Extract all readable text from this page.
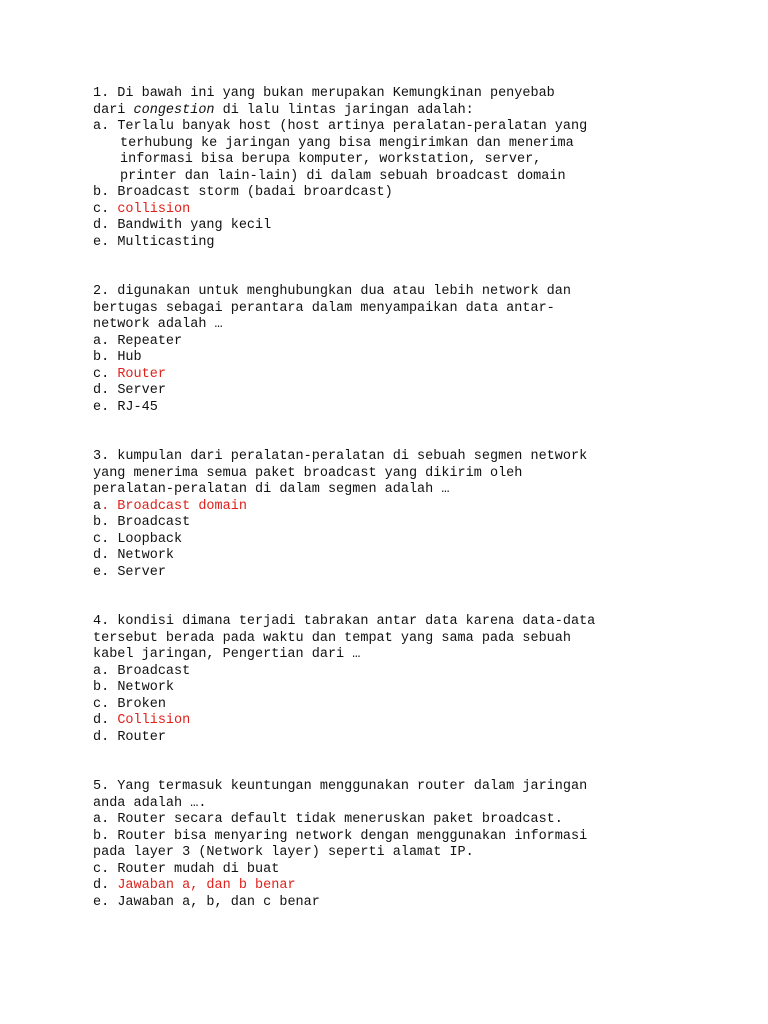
1. Di bawah ini yang bukan merupakan Kemungkinan penyebab
dari congestion di lalu lintas jaringan adalah:
a. Terlalu banyak host (host artinya peralatan-peralatan yang
terhubung ke jaringan yang bisa mengirimkan dan menerima
informasi bisa berupa komputer, workstation, server,
printer dan lain-lain) di dalam sebuah broadcast domain
b. Broadcast storm (badai broardcast)
c. collision
d. Bandwith yang kecil
e. Multicasting
2. digunakan untuk menghubungkan dua atau lebih network dan
bertugas sebagai perantara dalam menyampaikan data antar-
network adalah …
a. Repeater
b. Hub
c. Router
d. Server
e. RJ-45
3. kumpulan dari peralatan-peralatan di sebuah segmen network
yang menerima semua paket broadcast yang dikirim oleh
peralatan-peralatan di dalam segmen adalah …
a. Broadcast domain
b. Broadcast
c. Loopback
d. Network
e. Server
4. kondisi dimana terjadi tabrakan antar data karena data-data
tersebut berada pada waktu dan tempat yang sama pada sebuah
kabel jaringan, Pengertian dari …
a. Broadcast
b. Network
c. Broken
d. Collision
d. Router
5. Yang termasuk keuntungan menggunakan router dalam jaringan
anda adalah ….
a. Router secara default tidak meneruskan paket broadcast.
b. Router bisa menyaring network dengan menggunakan informasi
pada layer 3 (Network layer) seperti alamat IP.
c. Router mudah di buat
d. Jawaban a, dan b benar
e. Jawaban a, b, dan c benar
